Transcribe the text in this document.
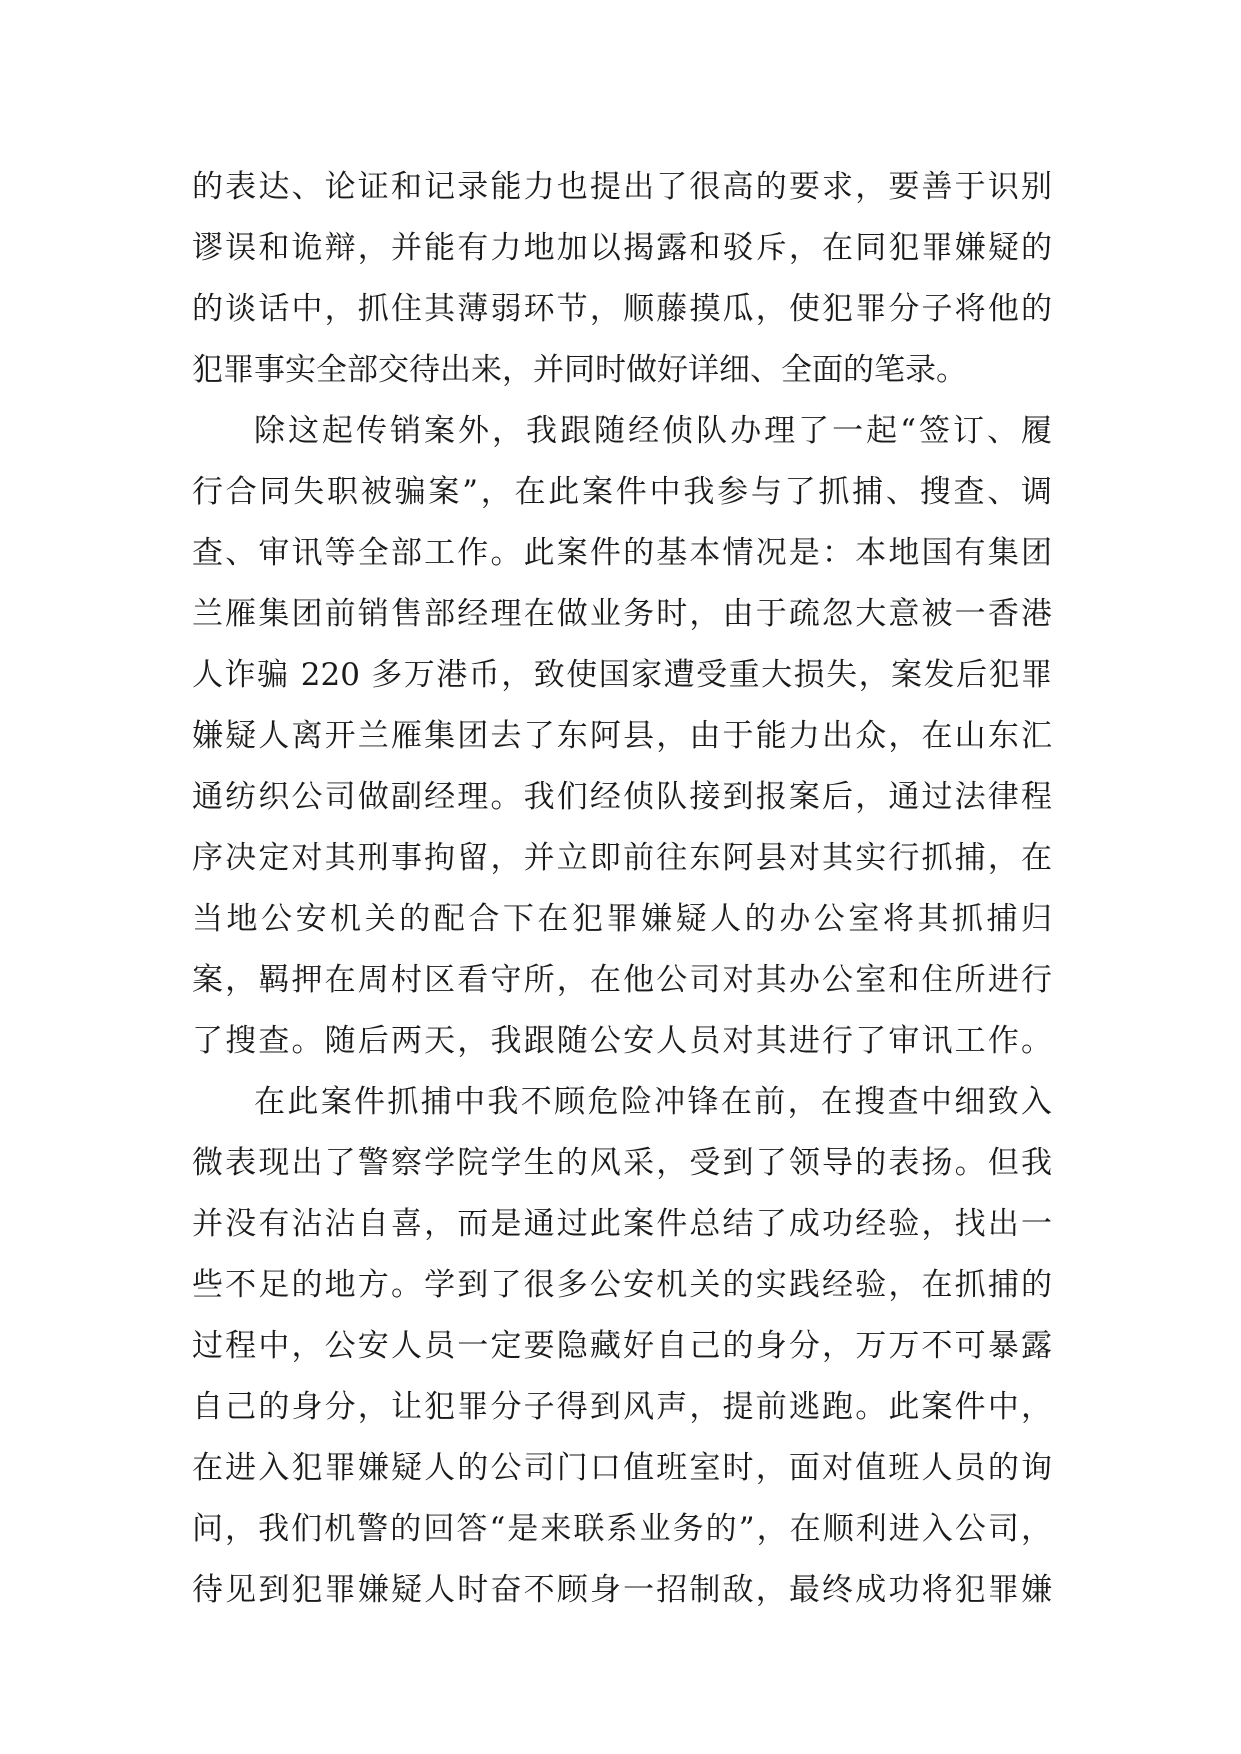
的表达、论证和记录能力也提出了很高的要求，要善于识别
谬误和诡辩，并能有力地加以揭露和驳斥，在同犯罪嫌疑的
的谈话中，抓住其薄弱环节，顺藤摸瓜，使犯罪分子将他的
犯罪事实全部交待出来，并同时做好详细、全面的笔录。
除这起传销案外，我跟随经侦队办理了一起“签订、履
行合同失职被骗案”，在此案件中我参与了抓捕、搜查、调
查、审讯等全部工作。此案件的基本情况是：本地国有集团
兰雁集团前销售部经理在做业务时，由于疏忽大意被一香港
人诈骗 220 多万港币，致使国家遭受重大损失，案发后犯罪
嫌疑人离开兰雁集团去了东阿县，由于能力出众，在山东汇
通纺织公司做副经理。我们经侦队接到报案后，通过法律程
序决定对其刑事拘留，并立即前往东阿县对其实行抓捕，在
当地公安机关的配合下在犯罪嫌疑人的办公室将其抓捕归
案，羁押在周村区看守所，在他公司对其办公室和住所进行
了搜查。随后两天，我跟随公安人员对其进行了审讯工作。
在此案件抓捕中我不顾危险冲锋在前，在搜查中细致入
微表现出了警察学院学生的风采，受到了领导的表扬。但我
并没有沾沾自喜，而是通过此案件总结了成功经验，找出一
些不足的地方。学到了很多公安机关的实践经验，在抓捕的
过程中，公安人员一定要隐藏好自己的身分，万万不可暴露
自己的身分，让犯罪分子得到风声，提前逃跑。此案件中，
在进入犯罪嫌疑人的公司门口值班室时，面对值班人员的询
问，我们机警的回答“是来联系业务的”，在顺利进入公司，
待见到犯罪嫌疑人时奋不顾身一招制敌，最终成功将犯罪嫌
